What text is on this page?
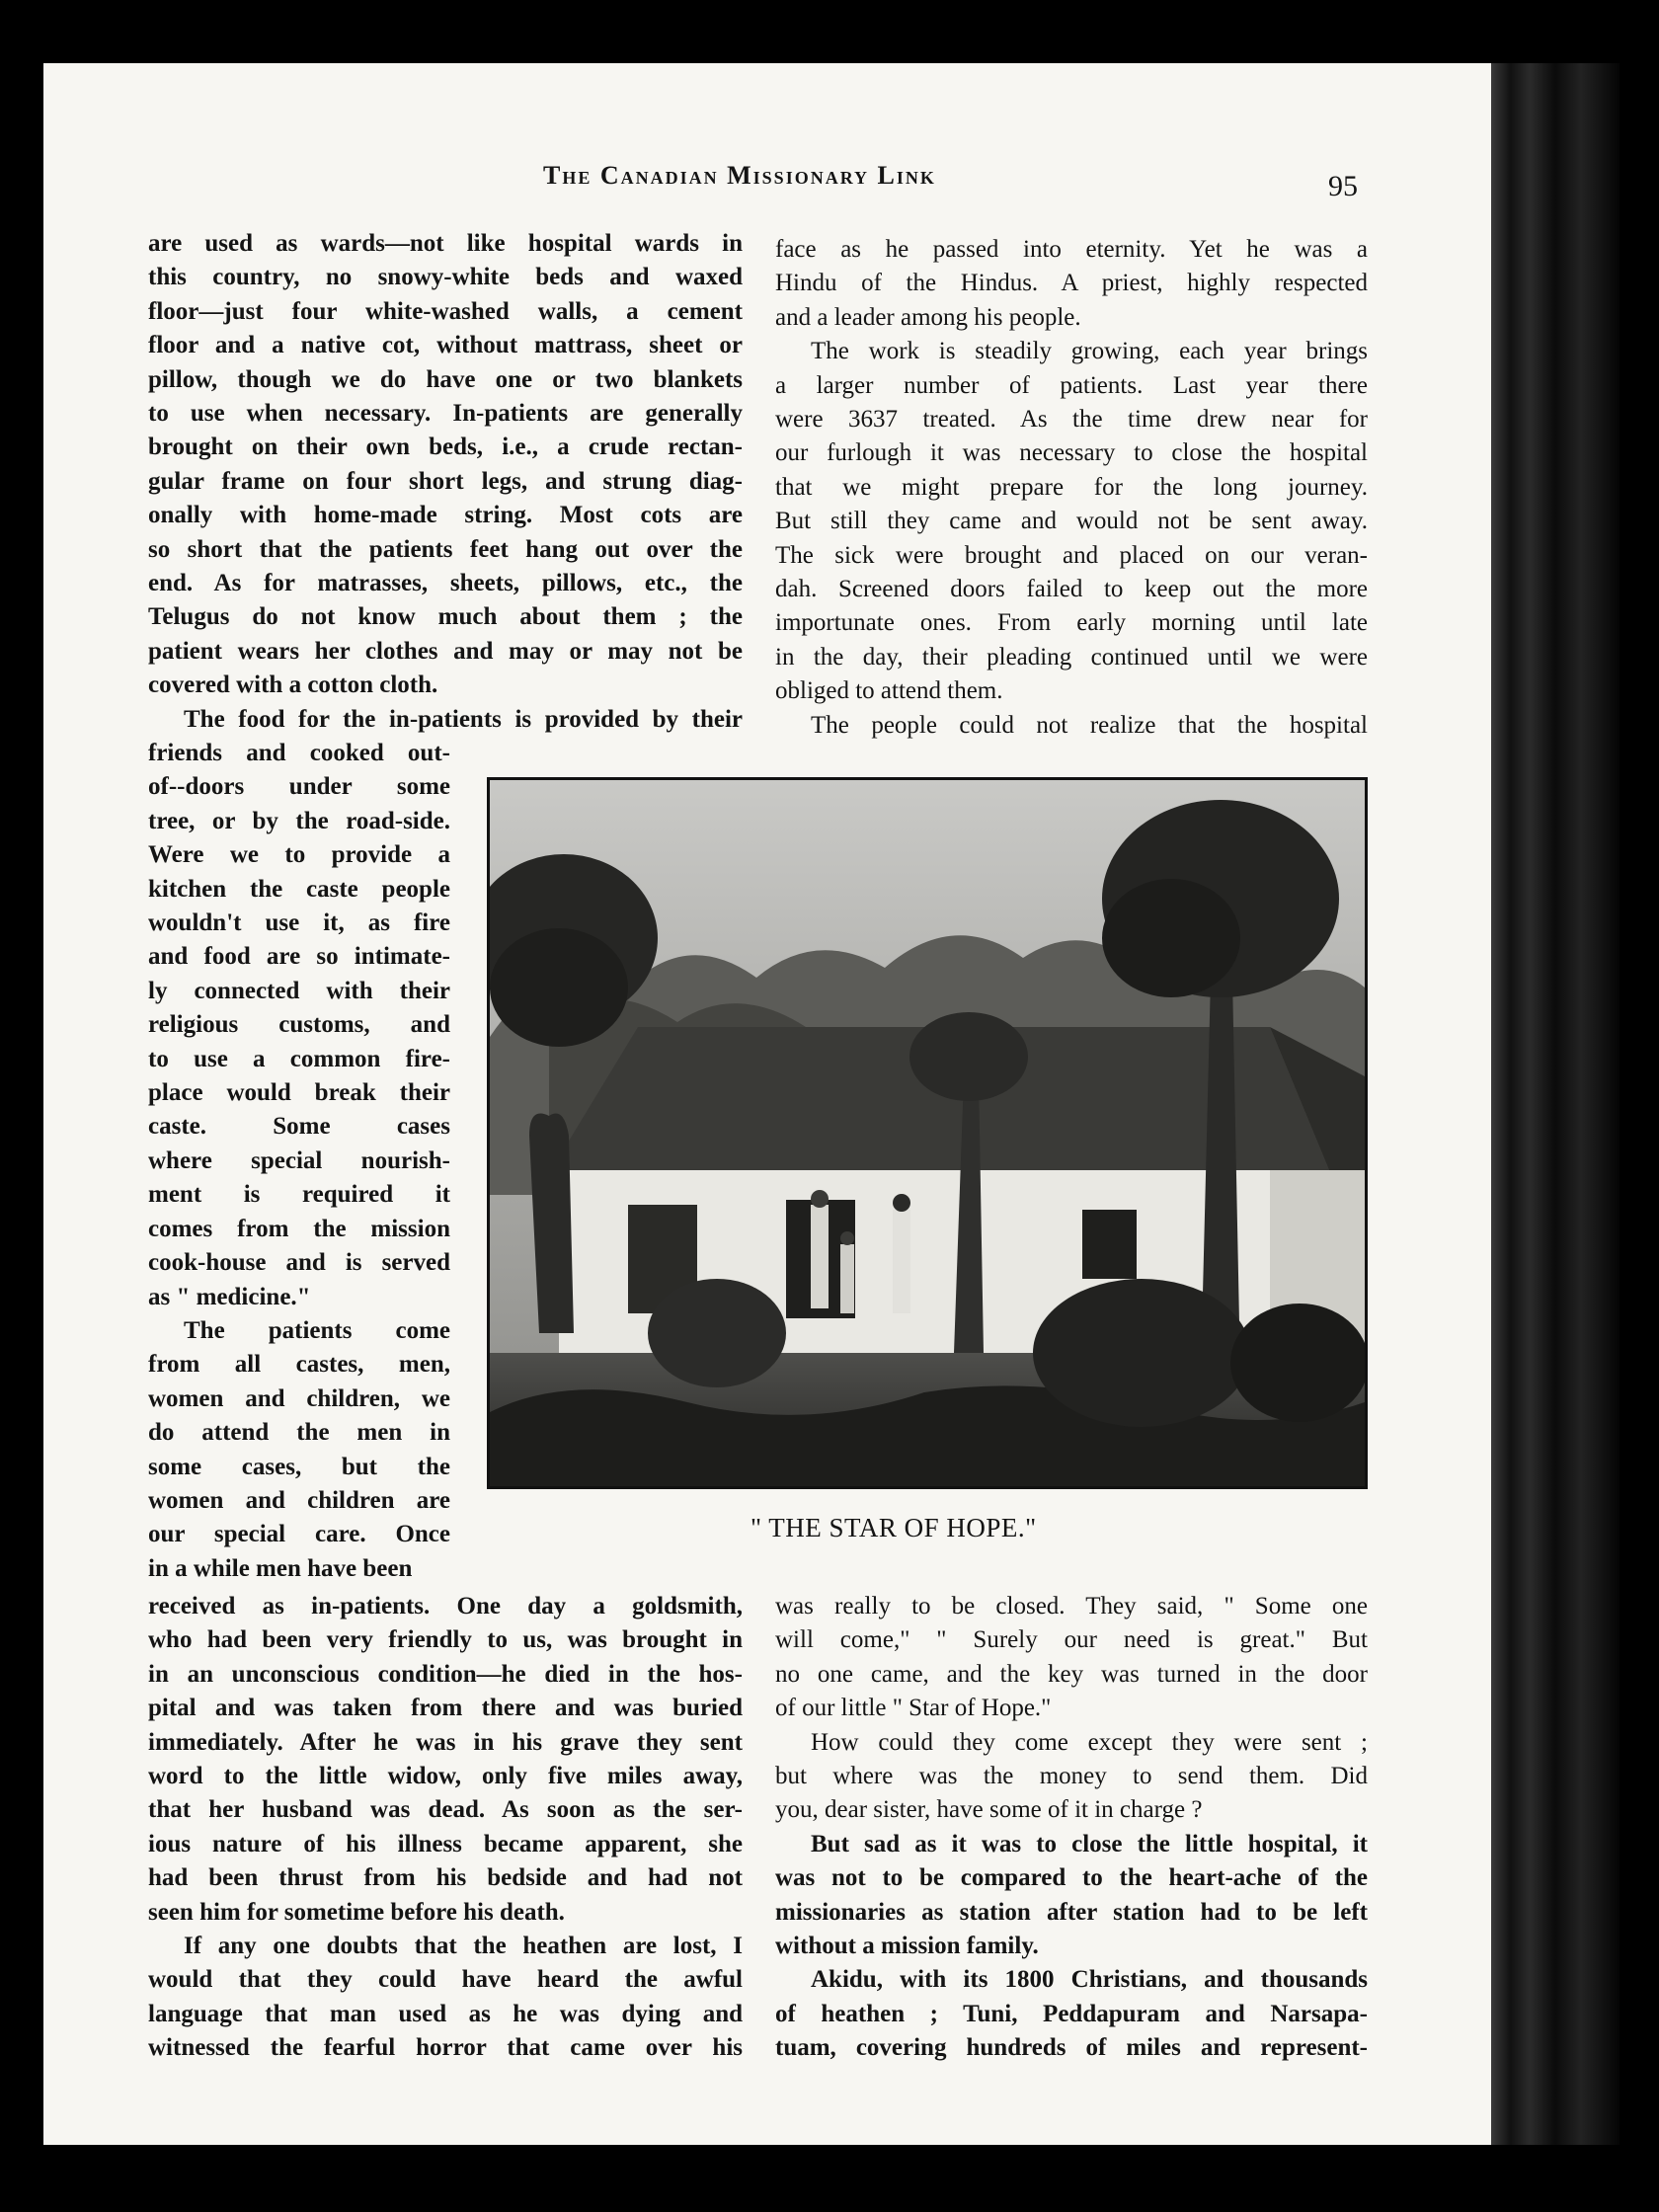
The Canadian Missionary Link	95
are used as wards—not like hospital wards in
this country, no snowy-white beds and waxed
floor—just four white-washed walls, a cement
floor and a native cot, without mattrass, sheet or
pillow, though we do have one or two blankets
to use when necessary. In-patients are generally
brought on their own beds, i.e., a crude rectan-
gular frame on four short legs, and strung diag-
onally with home-made string. Most cots are
so short that the patients feet hang out over the
end. As for matrasses, sheets, pillows, etc., the
Telugus do not know much about them ; the
patient wears her clothes and may or may not be
covered with a cotton cloth.
The food for the in-patients is provided by their
friends and cooked out-
of--doors under some
tree, or by the road-side.
Were we to provide a
kitchen the caste people
wouldn't use it, as fire
and food are so intimate-
ly connected with their
religious customs, and
to use a common fire-
place would break their
caste. Some cases
where special nourish-
ment is required it
comes from the mission
cook-house and is served
as " medicine."
The patients come
from all castes, men,
women and children, we
do attend the men in
some cases, but the
women and children are
our special care. Once
in a while men have been
received as in-patients. One day a goldsmith,
who had been very friendly to us, was brought in
in an unconscious condition—he died in the hos-
pital and was taken from there and was buried
immediately. After he was in his grave they sent
word to the little widow, only five miles away,
that her husband was dead. As soon as the ser-
ious nature of his illness became apparent, she
had been thrust from his bedside and had not
seen him for sometime before his death.
If any one doubts that the heathen are lost, I
would that they could have heard the awful
language that man used as he was dying and
witnessed the fearful horror that came over his
face as he passed into eternity. Yet he was a
Hindu of the Hindus. A priest, highly respected
and a leader among his people.
The work is steadily growing, each year brings
a larger number of patients. Last year there
were 3637 treated. As the time drew near for
our furlough it was necessary to close the hospital
that we might prepare for the long journey.
But still they came and would not be sent away.
The sick were brought and placed on our veran-
dah. Screened doors failed to keep out the more
importunate ones. From early morning until late
in the day, their pleading continued until we were
obliged to attend them.
The people could not realize that the hospital
" THE STAR OF HOPE."
was really to be closed. They said, " Some one
will come," " Surely our need is great." But
no one came, and the key was turned in the door
of our little " Star of Hope."
How could they come except they were sent ;
but where was the money to send them. Did
you, dear sister, have some of it in charge ?
But sad as it was to close the little hospital, it
was not to be compared to the heart-ache of the
missionaries as station after station had to be left
without a mission family.
Akidu, with its 1800 Christians, and thousands
of heathen ; Tuni, Peddapuram and Narsapa-
tuam, covering hundreds of miles and represent-
